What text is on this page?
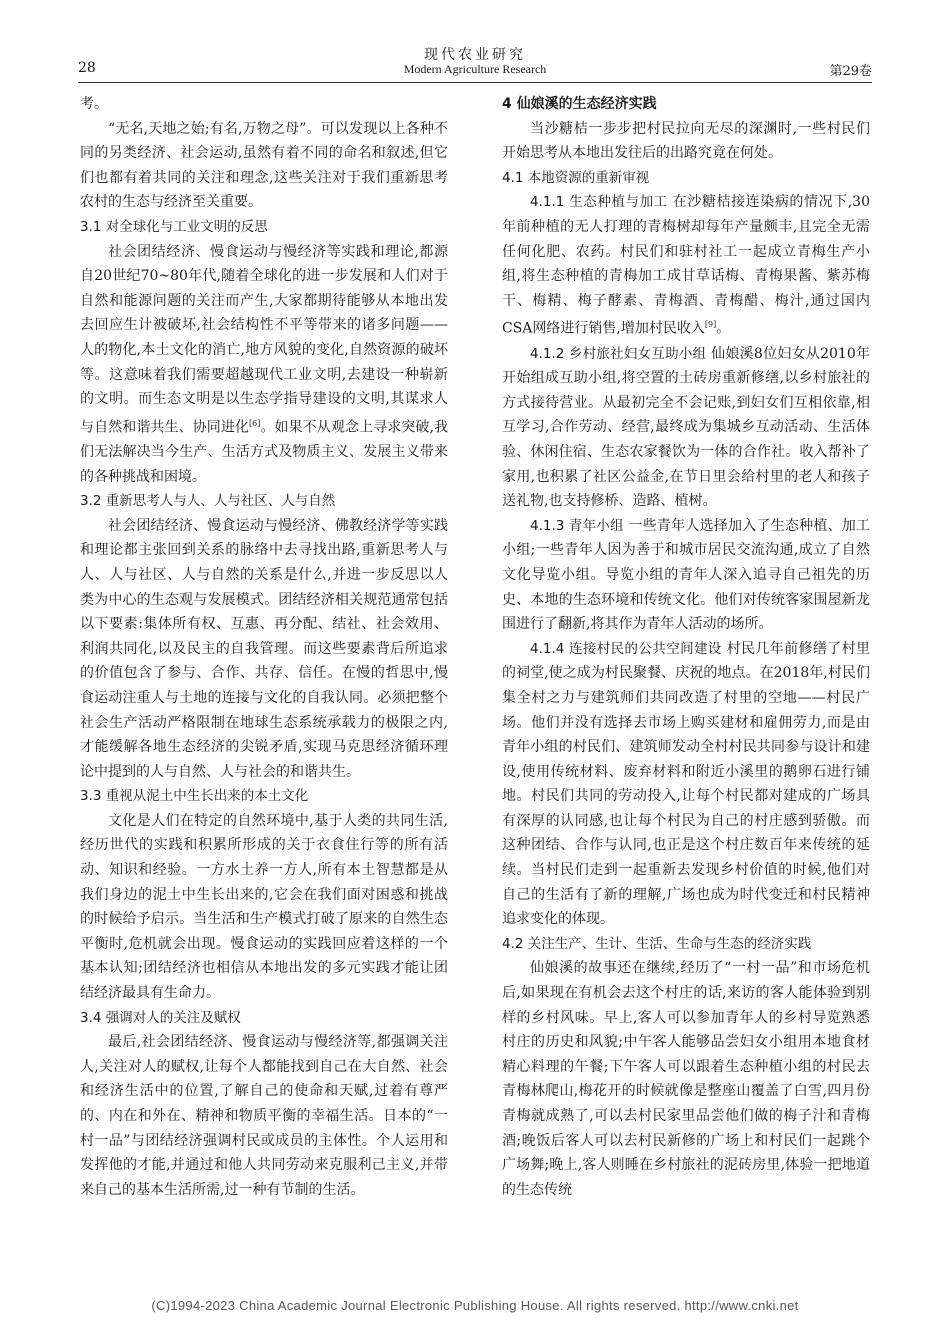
28
现代农业研究
Modern Agriculture Research	第29卷

考。

“无名,天地之始;有名,万物之母”。可以发现以上各种不同的另类经济、社会运动,虽然有着不同的命名和叙述,但它们也都有着共同的关注和理念,这些关注对于我们重新思考农村的生态与经济至关重要。

3.1 对全球化与工业文明的反思

社会团结经济、慢食运动与慢经济等实践和理论,都源自20世纪70~80年代,随着全球化的进一步发展和人们对于自然和能源问题的关注而产生,大家都期待能够从本地出发去回应生计被破坏,社会结构性不平等带来的诸多问题——人的物化,本土文化的消亡,地方风貌的变化,自然资源的破坏等。这意味着我们需要超越现代工业文明,去建设一种崭新的文明。而生态文明是以生态学指导建设的文明,其谋求人与自然和谐共生、协同进化[6]。如果不从观念上寻求突破,我们无法解决当今生产、生活方式及物质主义、发展主义带来的各种挑战和困境。

3.2 重新思考人与人、人与社区、人与自然

社会团结经济、慢食运动与慢经济、佛教经济学等实践和理论都主张回到关系的脉络中去寻找出路,重新思考人与人、人与社区、人与自然的关系是什么,并进一步反思以人类为中心的生态观与发展模式。团结经济相关规范通常包括以下要素:集体所有权、互惠、再分配、结社、社会效用、利润共同化,以及民主的自我管理。而这些要素背后所追求的价值包含了参与、合作、共存、信任。在慢的哲思中,慢食运动注重人与土地的连接与文化的自我认同。必须把整个社会生产活动严格限制在地球生态系统承载力的极限之内,才能缓解各地生态经济的尖锐矛盾,实现马克思经济循环理论中提到的人与自然、人与社会的和谐共生。

3.3 重视从泥土中生长出来的本土文化

文化是人们在特定的自然环境中,基于人类的共同生活,经历世代的实践和积累所形成的关于衣食住行等的所有活动、知识和经验。一方水土养一方人,所有本土智慧都是从我们身边的泥土中生长出来的,它会在我们面对困惑和挑战的时候给予启示。当生活和生产模式打破了原来的自然生态平衡时,危机就会出现。慢食运动的实践回应着这样的一个基本认知;团结经济也相信从本地出发的多元实践才能让团结经济最具有生命力。

3.4 强调对人的关注及赋权

最后,社会团结经济、慢食运动与慢经济等,都强调关注人,关注对人的赋权,让每个人都能找到自己在大自然、社会和经济生活中的位置,了解自己的使命和天赋,过着有尊严的、内在和外在、精神和物质平衡的幸福生活。日本的“一村一品”与团结经济强调村民或成员的主体性。个人运用和发挥他的才能,并通过和他人共同劳动来克服利己主义,并带来自己的基本生活所需,过一种有节制的生活。

4 仙娘溪的生态经济实践

当沙糖桔一步步把村民拉向无尽的深渊时,一些村民们开始思考从本地出发往后的出路究竟在何处。

4.1 本地资源的重新审视

4.1.1 生态种植与加工 在沙糖桔接连染病的情况下,30年前种植的无人打理的青梅树却每年产量颇丰,且完全无需任何化肥、农药。村民们和驻村社工一起成立青梅生产小组,将生态种植的青梅加工成甘草话梅、青梅果酱、紫苏梅干、梅精、梅子酵素、青梅酒、青梅醋、梅汁,通过国内CSA网络进行销售,增加村民收入[9]。

4.1.2 乡村旅社妇女互助小组 仙娘溪8位妇女从2010年开始组成互助小组,将空置的土砖房重新修缮,以乡村旅社的方式接待营业。从最初完全不会记账,到妇女们互相依靠,相互学习,合作劳动、经营,最终成为集城乡互动活动、生活体验、休闲住宿、生态农家餐饮为一体的合作社。收入帮补了家用,也积累了社区公益金,在节日里会给村里的老人和孩子送礼物,也支持修桥、造路、植树。

4.1.3 青年小组 一些青年人选择加入了生态种植、加工小组;一些青年人因为善于和城市居民交流沟通,成立了自然文化导览小组。导览小组的青年人深入追寻自己祖先的历史、本地的生态环境和传统文化。他们对传统客家围屋新龙围进行了翻新,将其作为青年人活动的场所。

4.1.4 连接村民的公共空间建设 村民几年前修缮了村里的祠堂,使之成为村民聚餐、庆祝的地点。在2018年,村民们集全村之力与建筑师们共同改造了村里的空地——村民广场。他们并没有选择去市场上购买建材和雇佣劳力,而是由青年小组的村民们、建筑师发动全村村民共同参与设计和建设,使用传统材料、废弃材料和附近小溪里的鹅卵石进行铺地。村民们共同的劳动投入,让每个村民都对建成的广场具有深厚的认同感,也让每个村民为自己的村庄感到骄傲。而这种团结、合作与认同,也正是这个村庄数百年来传统的延续。当村民们走到一起重新去发现乡村价值的时候,他们对自己的生活有了新的理解,广场也成为时代变迁和村民精神追求变化的体现。

4.2 关注生产、生计、生活、生命与生态的经济实践

仙娘溪的故事还在继续,经历了“一村一品”和市场危机后,如果现在有机会去这个村庄的话,来访的客人能体验到别样的乡村风味。早上,客人可以参加青年人的乡村导览熟悉村庄的历史和风貌;中午客人能够品尝妇女小组用本地食材精心料理的午餐;下午客人可以跟着生态种植小组的村民去青梅林爬山,梅花开的时候就像是整座山覆盖了白雪,四月份青梅就成熟了,可以去村民家里品尝他们做的梅子汁和青梅酒;晚饭后客人可以去村民新修的广场上和村民们一起跳个广场舞;晚上,客人则睡在乡村旅社的泥砖房里,体验一把地道的生态传统

(C)1994-2023 China Academic Journal Electronic Publishing House. All rights reserved. http://www.cnki.net
